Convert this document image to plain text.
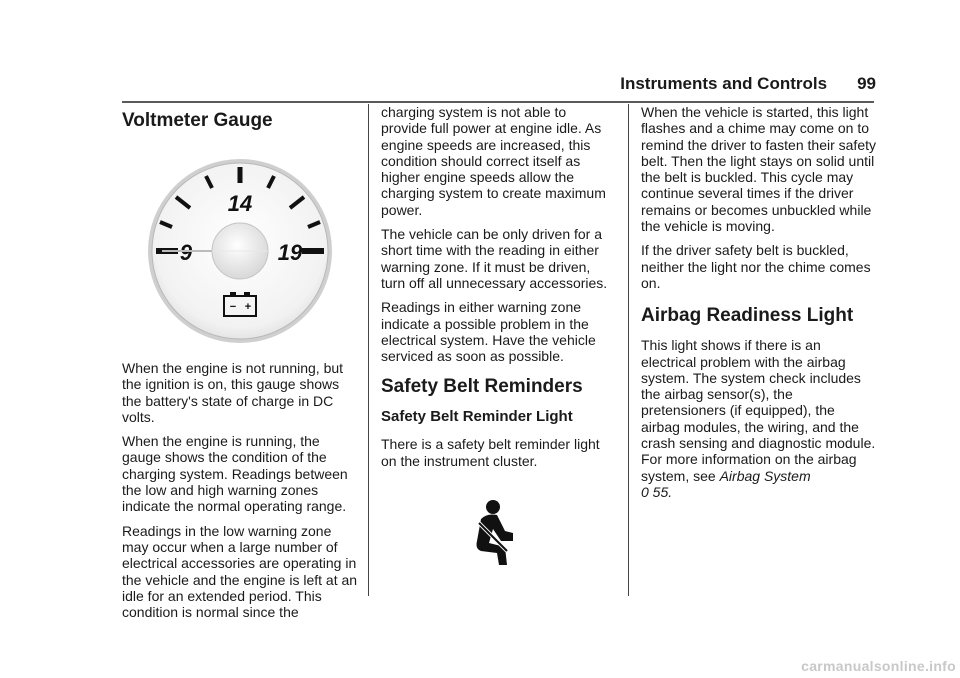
Instruments and Controls 99
Voltmeter Gauge
14
9	19
− +

When the engine is not running, but the ignition is on, this gauge shows the battery's state of charge in DC volts.

When the engine is running, the gauge shows the condition of the charging system. Readings between the low and high warning zones indicate the normal operating range.

Readings in the low warning zone may occur when a large number of electrical accessories are operating in the vehicle and the engine is left at an idle for an extended period. This condition is normal since the

charging system is not able to provide full power at engine idle. As engine speeds are increased, this condition should correct itself as higher engine speeds allow the charging system to create maximum power.

The vehicle can be only driven for a short time with the reading in either warning zone. If it must be driven, turn off all unnecessary accessories.

Readings in either warning zone indicate a possible problem in the electrical system. Have the vehicle serviced as soon as possible.

Safety Belt Reminders
Safety Belt Reminder Light

There is a safety belt reminder light on the instrument cluster.

When the vehicle is started, this light flashes and a chime may come on to remind the driver to fasten their safety belt. Then the light stays on solid until the belt is buckled. This cycle may continue several times if the driver remains or becomes unbuckled while the vehicle is moving.

If the driver safety belt is buckled, neither the light nor the chime comes on.

Airbag Readiness Light

This light shows if there is an electrical problem with the airbag system. The system check includes the airbag sensor(s), the pretensioners (if equipped), the airbag modules, the wiring, and the crash sensing and diagnostic module. For more information on the airbag system, see Airbag System
0 55.

carmanualsonline.info
